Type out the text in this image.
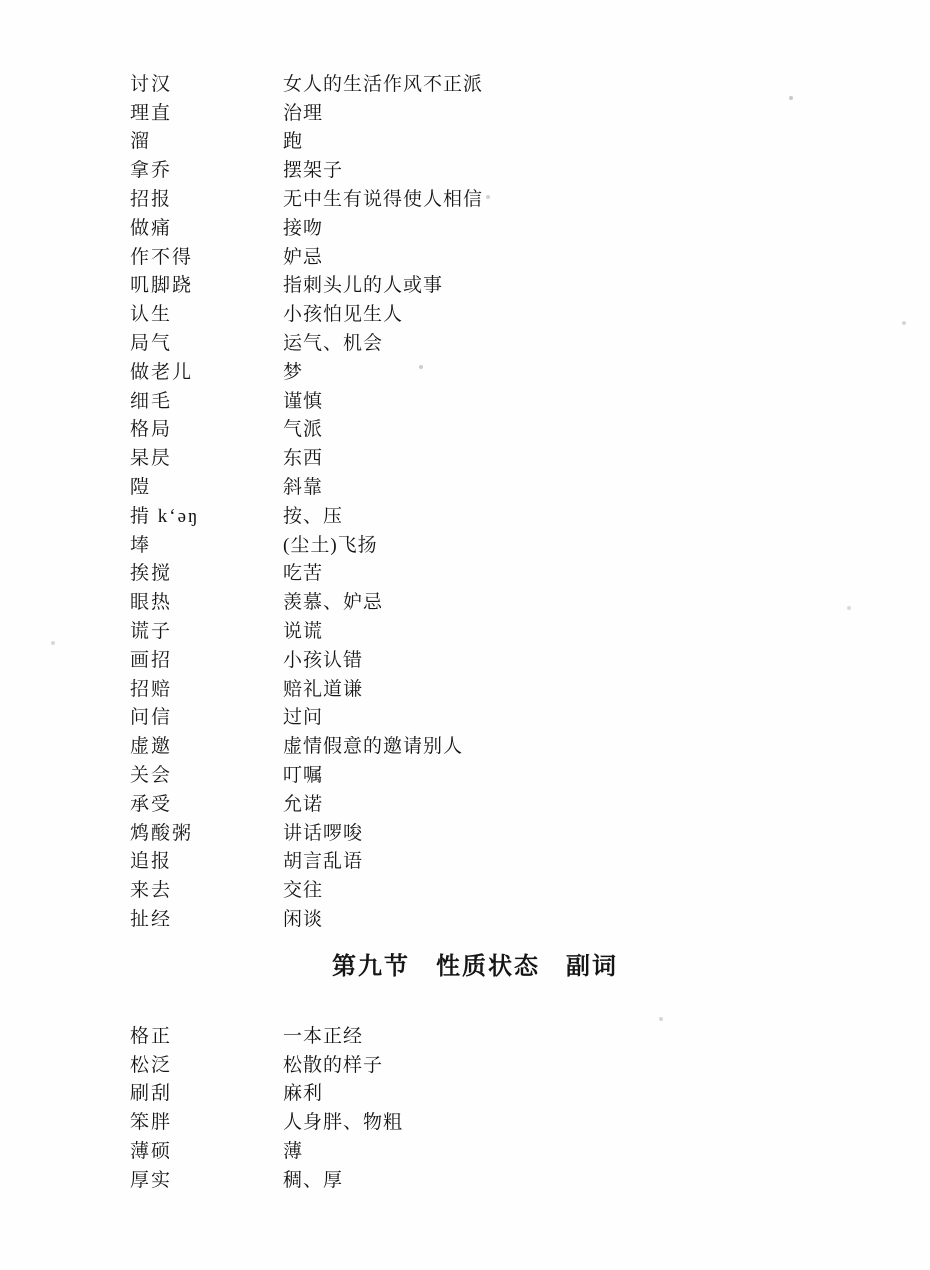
讨汉	女人的生活作风不正派
理直	治理
溜	跑
拿乔	摆架子
招报	无中生有说得使人相信
做痛	接吻
作不得	妒忌
叽脚跷	指刺头儿的人或事
认生	小孩怕见生人
局气	运气、机会
做老儿	梦
细毛	谨慎
格局	气派
杲昃	东西
隑	斜靠
掯 k‘əŋ	按、压
埲	(尘土)飞扬
挨搅	吃苦
眼热	羡慕、妒忌
谎子	说谎
画招	小孩认错
招赔	赔礼道谦
问信	过问
虚邀	虚情假意的邀请别人
关会	叮嘱
承受	允诺
鸩酸粥	讲话啰唆
追报	胡言乱语
来去	交往
扯经	闲谈
第九节　性质状态　副词
格正	一本正经
松泛	松散的样子
刷刮	麻利
笨胖	人身胖、物粗
薄硕	薄
厚实	稠、厚
